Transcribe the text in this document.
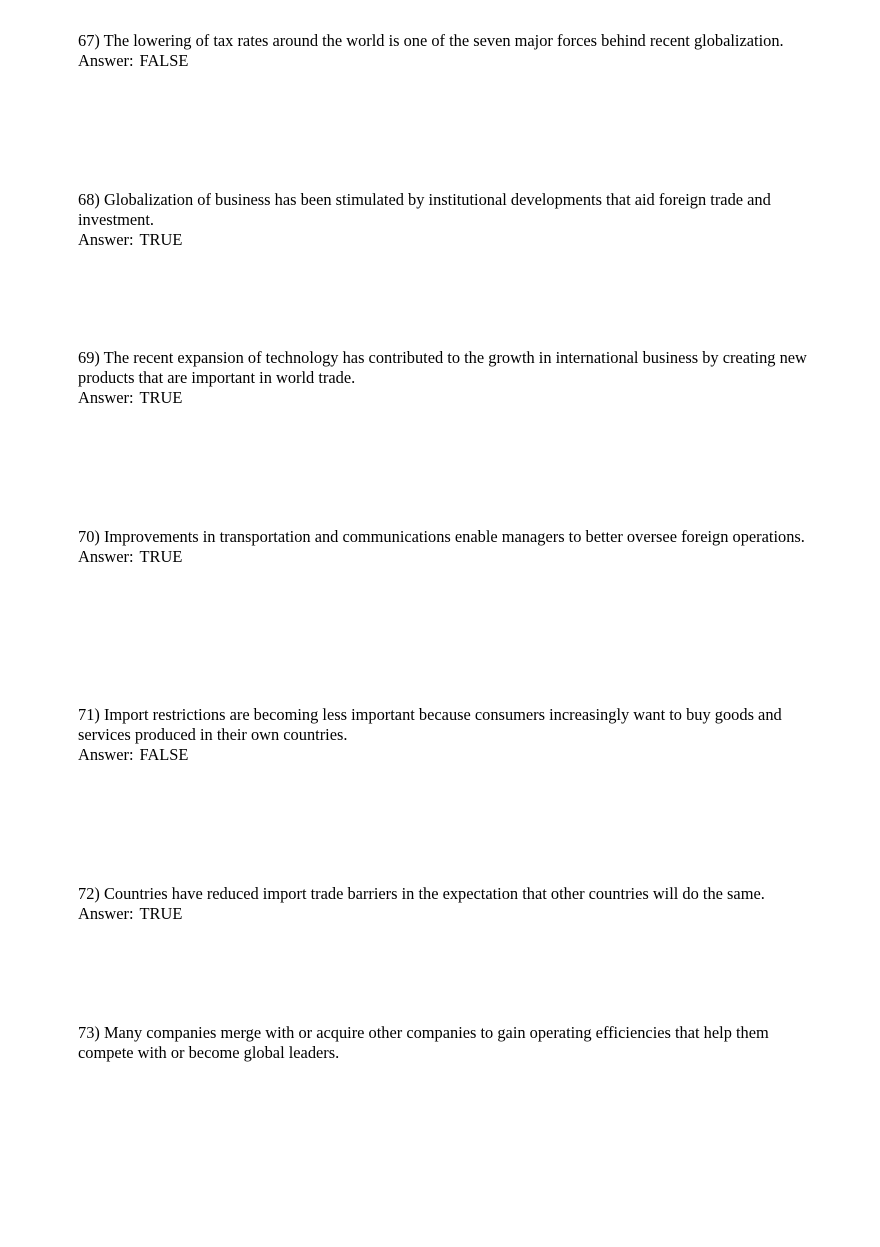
67) The lowering of tax rates around the world is one of the seven major forces behind recent globalization.
Answer: FALSE
68) Globalization of business has been stimulated by institutional developments that aid foreign trade and investment.
Answer: TRUE
69) The recent expansion of technology has contributed to the growth in international business by creating new products that are important in world trade.
Answer: TRUE
70) Improvements in transportation and communications enable managers to better oversee foreign operations.
Answer: TRUE
71) Import restrictions are becoming less important because consumers increasingly want to buy goods and services produced in their own countries.
Answer: FALSE
72) Countries have reduced import trade barriers in the expectation that other countries will do the same.
Answer: TRUE
73) Many companies merge with or acquire other companies to gain operating efficiencies that help them compete with or become global leaders.
